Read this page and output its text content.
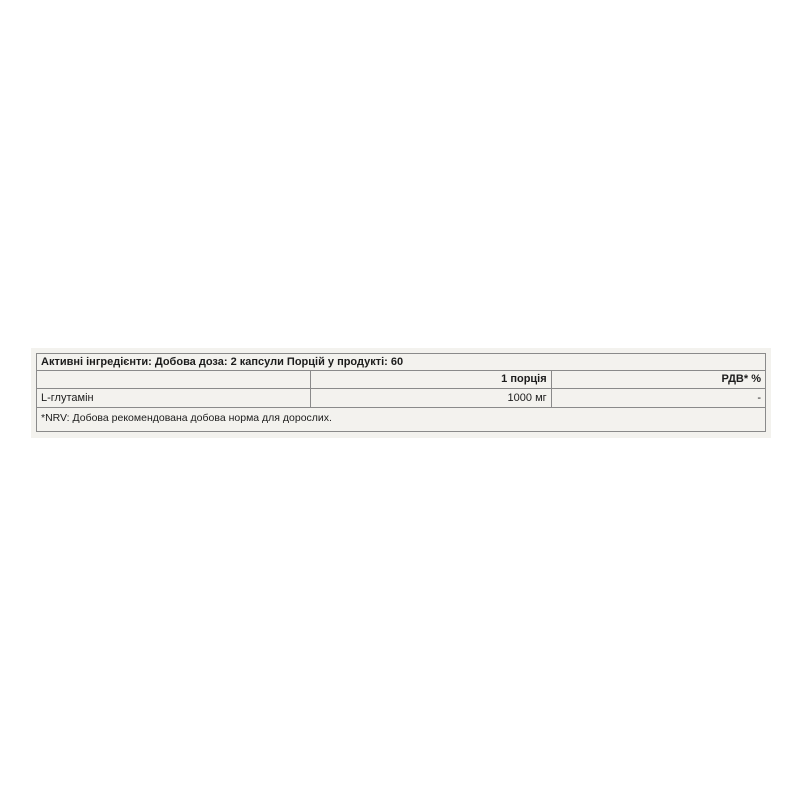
Активні інгредієнти: Добова доза: 2 капсули Порцій у продукті: 60		
	1 порція	РДВ* %
L-глутамін	1000 мг	-
*NRV: Добова рекомендована добова норма для дорослих.		
